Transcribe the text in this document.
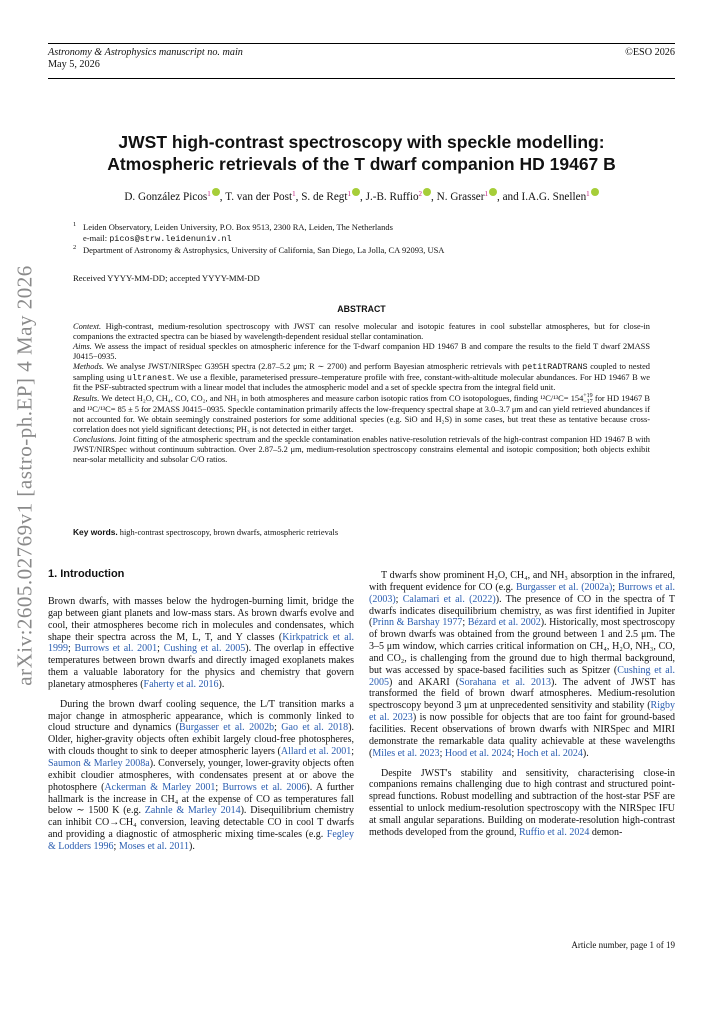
arXiv:2605.02769v1 [astro-ph.EP] 4 May 2026
Astronomy & Astrophysics manuscript no. main
May 5, 2026
©ESO 2026
JWST high-contrast spectroscopy with speckle modelling:
Atmospheric retrievals of the T dwarf companion HD 19467 B
D. González Picos$^1$ , T. van der Post$^1$, S. de Regt$^1$ , J.-B. Ruffio$^2$ , N. Grasser$^1$ , and I.A.G. Snellen$^1$
1 Leiden Observatory, Leiden University, P.O. Box 9513, 2300 RA, Leiden, The Netherlands
e-mail: picos@strw.leidenuniv.nl
2 Department of Astronomy & Astrophysics, University of California, San Diego, La Jolla, CA 92093, USA
Received YYYY-MM-DD; accepted YYYY-MM-DD
ABSTRACT

Context. High-contrast, medium-resolution spectroscopy with JWST can resolve molecular and isotopic features in cool substellar atmospheres, but for close-in companions the extracted spectra can be biased by wavelength-dependent residual stellar contamination.

Aims. We assess the impact of residual speckles on atmospheric inference for the T-dwarf companion HD 19467 B and compare the results to the field T dwarf 2MASS J0415−0935.

Methods. We analyse JWST/NIRSpec G395H spectra (2.87–5.2 μm; R ∼ 2700) and perform Bayesian atmospheric retrievals with petitRADTRANS coupled to nested sampling using ultranest. We use a flexible, parameterised pressure–temperature profile with free, constant-with-altitude molecular abundances. For HD 19467 B we fit the PSF-subtracted spectrum with a linear model that includes the atmospheric model and a set of speckle spectra from the integral field unit.

Results. We detect H₂O, CH₄, CO, CO₂, and NH₃ in both atmospheres and measure carbon isotopic ratios from CO isotopologues, finding ¹²C/¹³C= 154 +19
−17 for HD 19467 B and ¹²C/¹³C= 85 ± 5 for 2MASS J0415−0935. Speckle contamination primarily affects the low-frequency spectral shape at 3.0–3.7 μm and can yield retrieved abundances if not accounted for. We obtain seemingly constrained posteriors for some additional species (e.g. SiO and H₂S) in some cases, but treat these as tentative because cross-correlation does not yield significant detections; PH₃ is not detected in either target.

Conclusions. Joint fitting of the atmospheric spectrum and the speckle contamination enables native-resolution retrievals of the high-contrast companion HD 19467 B with JWST/NIRSpec without continuum subtraction. Over 2.87–5.2 μm, medium-resolution spectroscopy constrains elemental and isotopic composition; both objects exhibit near-solar metallicity and subsolar C/O ratios.

Key words. high-contrast spectroscopy, brown dwarfs, atmospheric retrievals
1. Introduction

Brown dwarfs, with masses below the hydrogen-burning limit, bridge the gap between giant planets and low-mass stars. As brown dwarfs evolve and cool, their atmospheres become rich in molecules and condensates, which shape their spectra across the M, L, T, and Y classes (Kirkpatrick et al. 1999; Burrows et al. 2001; Cushing et al. 2005). The overlap in effective temperatures between brown dwarfs and directly imaged exoplanets makes them a valuable laboratory for the physics and chemistry that govern planetary atmospheres (Faherty et al. 2016).

During the brown dwarf cooling sequence, the L/T transition marks a major change in atmospheric appearance, which is commonly linked to cloud structure and dynamics (Burgasser et al. 2002b; Gao et al. 2018). Older, higher-gravity objects often exhibit largely cloud-free photospheres, with clouds thought to sink to deeper atmospheric layers (Allard et al. 2001; Saumon & Marley 2008a). Conversely, younger, lower-gravity objects often exhibit cloudier atmospheres, with condensates present at or above the photosphere (Ackerman & Marley 2001; Burrows et al. 2006). A further hallmark is the increase in CH₄ at the expense of CO as temperatures fall below ∼ 1500 K (e.g. Zahnle & Marley 2014). Disequilibrium chemistry can inhibit CO→CH₄ conversion, leaving detectable CO in cool T dwarfs and providing a diagnostic of atmospheric mixing time-scales (e.g. Fegley & Lodders 1996; Moses et al. 2011).

T dwarfs show prominent H₂O, CH₄, and NH₃ absorption in the infrared, with frequent evidence for CO (e.g. Burgasser et al. (2002a); Burrows et al. (2003); Calamari et al. (2022)). The presence of CO in the spectra of T dwarfs indicates disequilibrium chemistry, as was first identified in Jupiter (Prinn & Barshay 1977; Bézard et al. 2002). Historically, most spectroscopy of brown dwarfs was obtained from the ground between 1 and 2.5 μm. The 3–5 μm window, which carries critical information on CH₄, H₂O, NH₃, CO, and CO₂, is challenging from the ground due to high thermal background, but was accessed by space-based facilities such as Spitzer (Cushing et al. 2005) and AKARI (Sorahana et al. 2013). The advent of JWST has transformed the field of brown dwarf atmospheres. Medium-resolution spectroscopy beyond 3 μm at unprecedented sensitivity and stability (Rigby et al. 2023) is now possible for objects that are too faint for ground-based facilities. Recent observations of brown dwarfs with NIRSpec and MIRI demonstrate the remarkable data quality achievable at these wavelengths (Miles et al. 2023; Hood et al. 2024; Hoch et al. 2024).

Despite JWST's stability and sensitivity, characterising close-in companions remains challenging due to high contrast and structured point-spread functions. Robust modelling and subtraction of the host-star PSF are essential to unlock medium-resolution spectroscopy with the NIRSpec IFU at small angular separations. Building on moderate-resolution high-contrast methods developed from the ground, Ruffio et al. 2024 demon-

Article number, page 1 of 19
